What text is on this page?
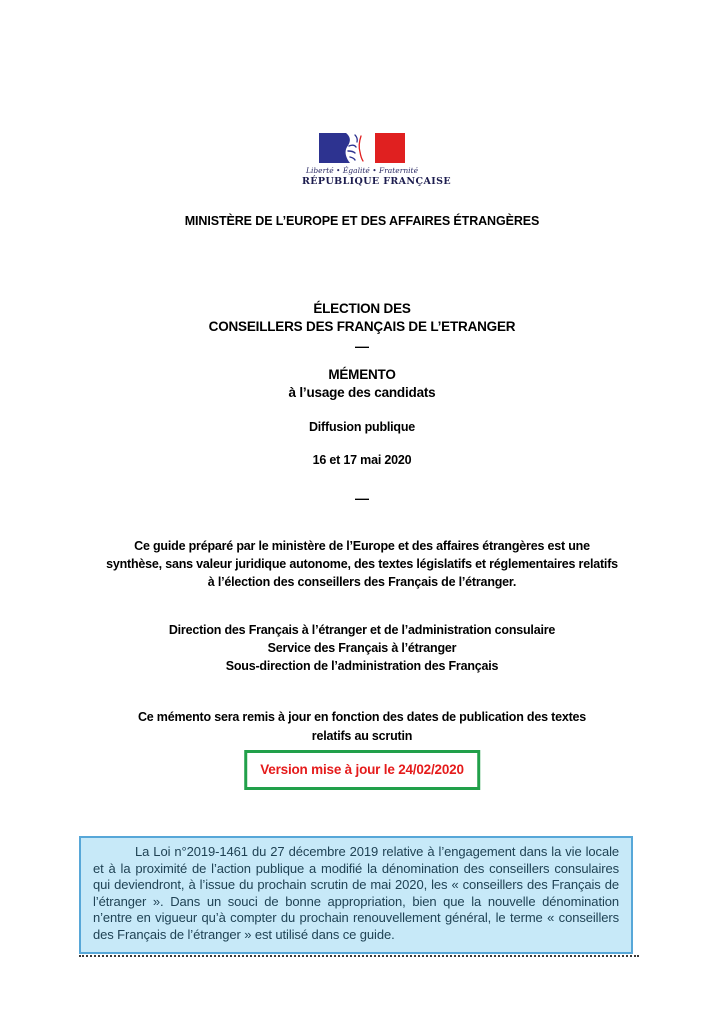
Liberté • Égalité • Fraternité
RÉPUBLIQUE FRANÇAISE
MINISTÈRE DE L’EUROPE ET DES AFFAIRES ÉTRANGÈRES
ÉLECTION DES
CONSEILLERS DES FRANÇAIS DE L’ETRANGER
—
MÉMENTO
à l’usage des candidats
Diffusion publique
16 et 17 mai 2020
—
Ce guide préparé par le ministère de l’Europe et des affaires étrangères est une
synthèse, sans valeur juridique autonome, des textes législatifs et réglementaires relatifs
à l’élection des conseillers des Français de l’étranger.
Direction des Français à l’étranger et de l’administration consulaire
Service des Français à l’étranger
Sous-direction de l’administration des Français
Ce mémento sera remis à jour en fonction des dates de publication des textes
relatifs au scrutin
Version mise à jour le 24/02/2020
La Loi n°2019-1461 du 27 décembre 2019 relative à l’engagement dans la vie locale et à la proximité de l’action publique a modifié la dénomination des conseillers consulaires qui deviendront, à l’issue du prochain scrutin de mai 2020, les « conseillers des Français de l’étranger ». Dans un souci de bonne appropriation, bien que la nouvelle dénomination n’entre en vigueur qu’à compter du prochain renouvellement général, le terme « conseillers des Français de l’étranger » est utilisé dans ce guide.
